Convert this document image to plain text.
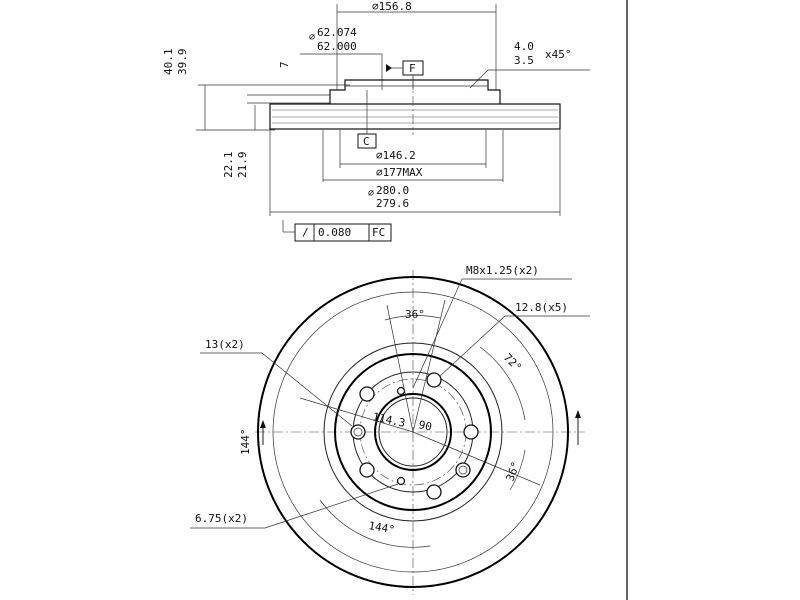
∅156.8
∅ 62.074
62.000	4.0
3.5 x45°
F
40.1 39.9	7
22.1 21.9
C
∅146.2
∅177MAX
∅ 280.0
279.6
/ 0.080 FC
M8x1.25(x2)
12.8(x5)
13(x2)
6.75(x2)
36°
72°
36°
144°
144°
114.3 90
